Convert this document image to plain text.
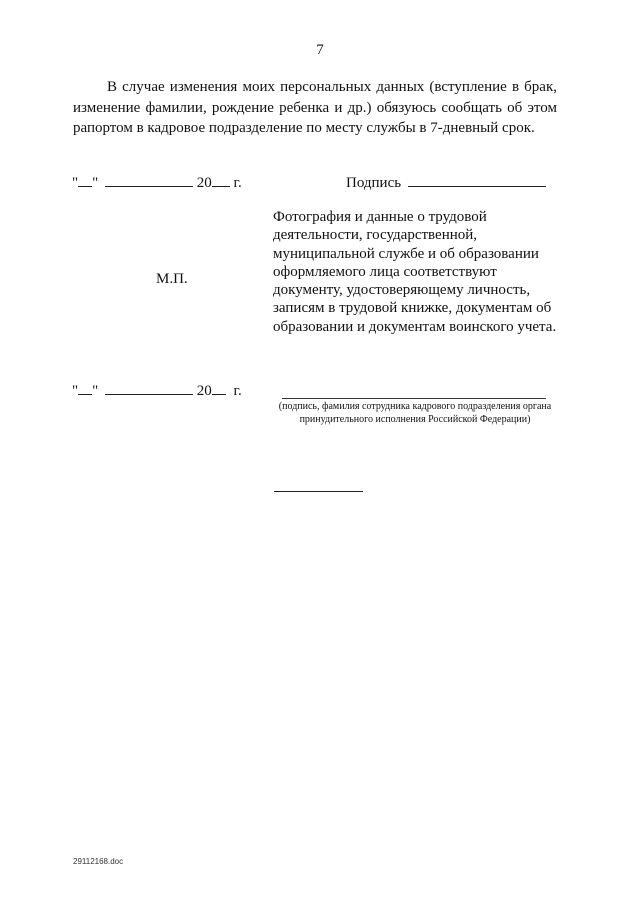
7

В случае изменения моих персональных данных (вступление в брак, изменение фамилии, рождение ребенка и др.) обязуюсь сообщать об этом рапортом в кадровое подразделение по месту службы в 7-дневный срок.

" "	20 г.	Подпись
М.П.

Фотография и данные о трудовой деятельности, государственной, муниципальной службе и об образовании оформляемого лица соответствуют документу, удостоверяющему личность, записям в трудовой книжке, документам об образовании и документам воинского учета.

" "	20 г.

(подпись, фамилия сотрудника кадрового подразделения органа принудительного исполнения Российской Федерации)

29112168.doc
